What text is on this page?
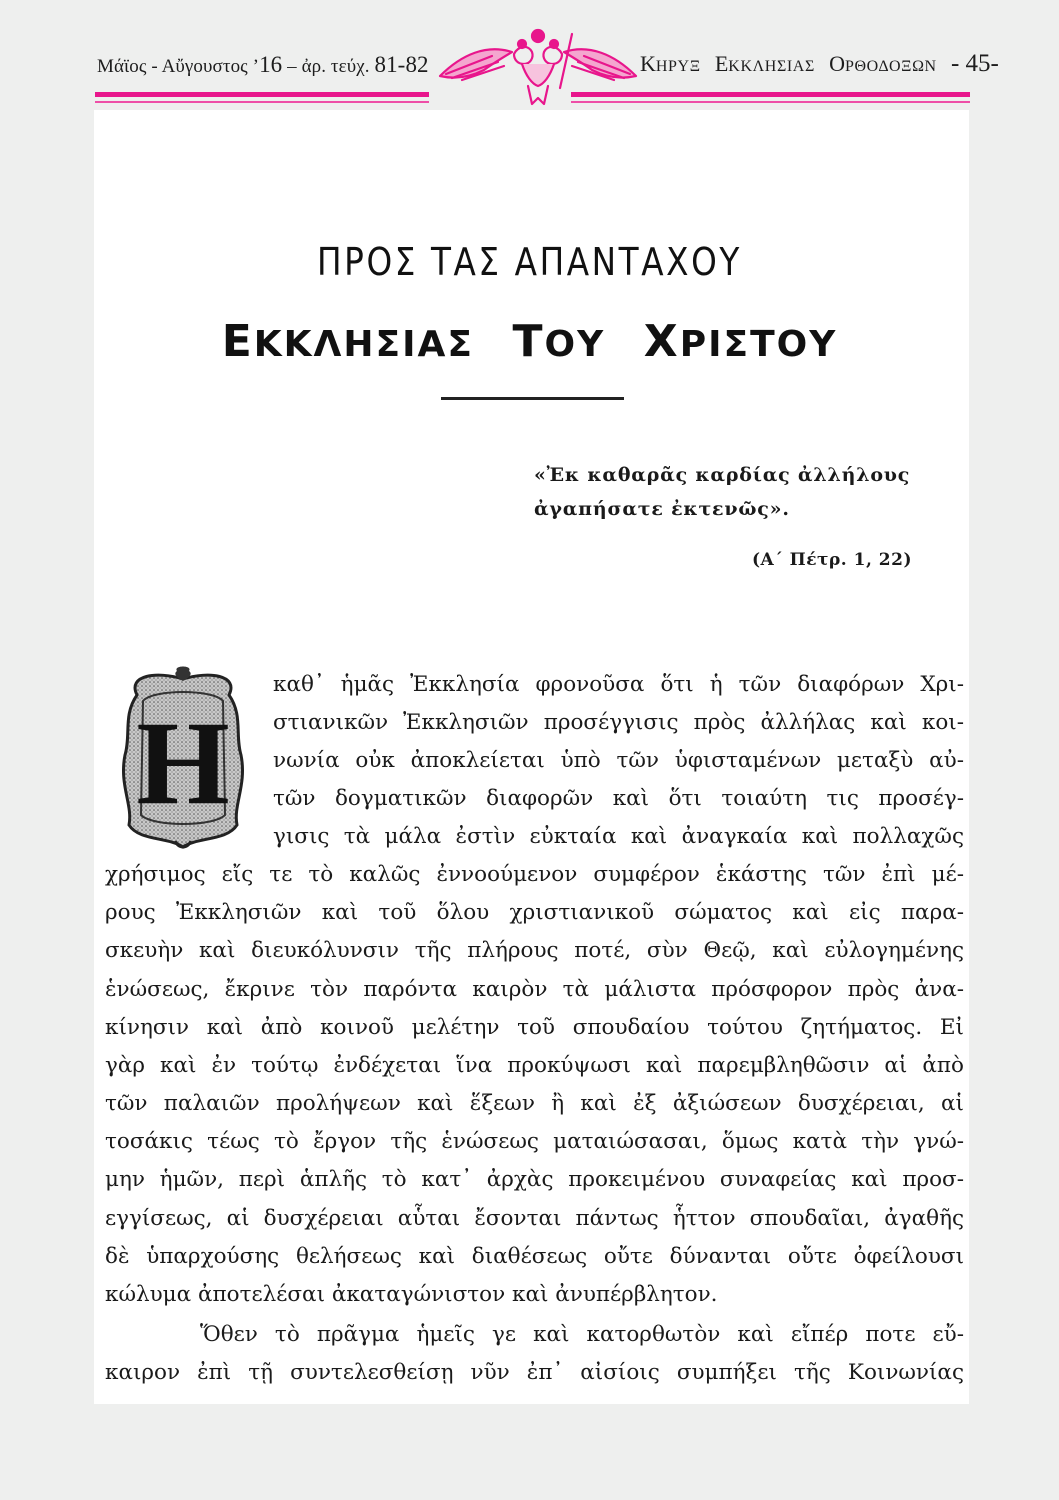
Μάϊος - Αὔγουστος ’16 – ἀρ. τεύχ. 81-82	ΚΗΡΥΞ ΕΚΚΛΗΣΙΑΣ ΟΡΘΟΔΟΞΩΝ - 45-
ΠΡΟΣ ΤΑΣ ΑΠΑΝΤΑΧΟΥ
ΕΚΚΛΗΣΙΑΣ ΤΟΥ ΧΡΙΣΤΟΥ
«Ἐκ καθαρᾶς καρδίας ἀλλήλους
ἀγαπήσατε ἐκτενῶς».
(Α΄ Πέτρ. 1, 22)
Η
καθ᾽ ἡμᾶς Ἐκκλησία φρονοῦσα ὅτι ἡ τῶν διαφόρων Χρι-
στιανικῶν Ἐκκλησιῶν προσέγγισις πρὸς ἀλλήλας καὶ κοι-
νωνία οὐκ ἀποκλείεται ὑπὸ τῶν ὑφισταμένων μεταξὺ αὐ-
τῶν δογματικῶν διαφορῶν καὶ ὅτι τοιαύτη τις προσέγ-
γισις τὰ μάλα ἐστὶν εὐκταία καὶ ἀναγκαία καὶ πολλαχῶς
χρήσιμος εἴς τε τὸ καλῶς ἐννοούμενον συμφέρον ἑκάστης τῶν ἐπὶ μέ-
ρους Ἐκκλησιῶν καὶ τοῦ ὅλου χριστιανικοῦ σώματος καὶ εἰς παρα-
σκευὴν καὶ διευκόλυνσιν τῆς πλήρους ποτέ, σὺν Θεῷ, καὶ εὐλογημένης
ἑνώσεως, ἔκρινε τὸν παρόντα καιρὸν τὰ μάλιστα πρόσφορον πρὸς ἀνα-
κίνησιν καὶ ἀπὸ κοινοῦ μελέτην τοῦ σπουδαίου τούτου ζητήματος. Εἰ
γὰρ καὶ ἐν τούτῳ ἐνδέχεται ἵνα προκύψωσι καὶ παρεμβληθῶσιν αἱ ἀπὸ
τῶν παλαιῶν προλήψεων καὶ ἕξεων ἢ καὶ ἐξ ἀξιώσεων δυσχέρειαι, αἱ
τοσάκις τέως τὸ ἔργον τῆς ἑνώσεως ματαιώσασαι, ὅμως κατὰ τὴν γνώ-
μην ἡμῶν, περὶ ἁπλῆς τὸ κατ᾽ ἀρχὰς προκειμένου συναφείας καὶ προσ-
εγγίσεως, αἱ δυσχέρειαι αὗται ἔσονται πάντως ἧττον σπουδαῖαι, ἀγαθῆς
δὲ ὑπαρχούσης θελήσεως καὶ διαθέσεως οὔτε δύνανται οὔτε ὀφείλουσι
κώλυμα ἀποτελέσαι ἀκαταγώνιστον καὶ ἀνυπέρβλητον.
Ὅθεν τὸ πρᾶγμα ἡμεῖς γε καὶ κατορθωτὸν καὶ εἴπέρ ποτε εὔ-
καιρον ἐπὶ τῇ συντελεσθείσῃ νῦν ἐπ᾽ αἰσίοις συμπήξει τῆς Κοινωνίας
